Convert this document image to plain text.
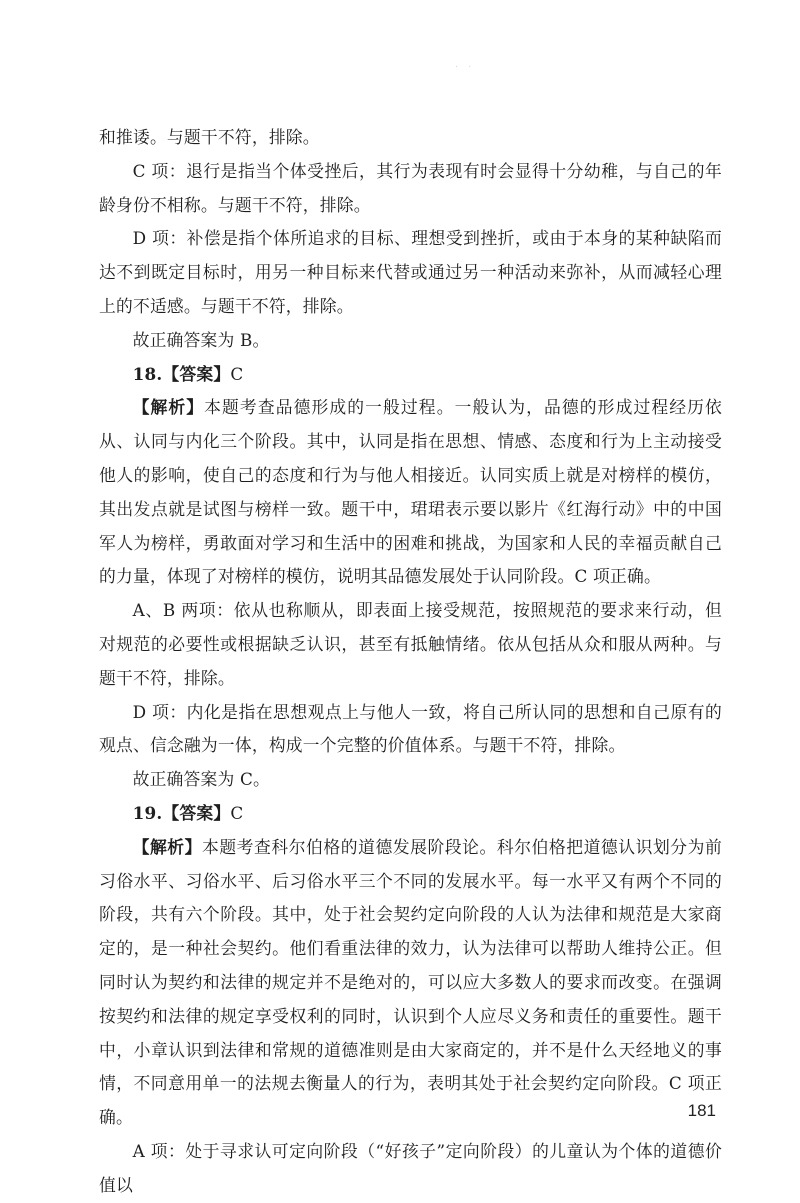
·　·

和推诿。与题干不符，排除。

C 项：退行是指当个体受挫后，其行为表现有时会显得十分幼稚，与自己的年龄身份不相称。与题干不符，排除。

D 项：补偿是指个体所追求的目标、理想受到挫折，或由于本身的某种缺陷而达不到既定目标时，用另一种目标来代替或通过另一种活动来弥补，从而减轻心理上的不适感。与题干不符，排除。

故正确答案为 B。

18.【答案】C

【解析】本题考查品德形成的一般过程。一般认为，品德的形成过程经历依从、认同与内化三个阶段。其中，认同是指在思想、情感、态度和行为上主动接受他人的影响，使自己的态度和行为与他人相接近。认同实质上就是对榜样的模仿，其出发点就是试图与榜样一致。题干中，珺珺表示要以影片《红海行动》中的中国军人为榜样，勇敢面对学习和生活中的困难和挑战，为国家和人民的幸福贡献自己的力量，体现了对榜样的模仿，说明其品德发展处于认同阶段。C 项正确。

A、B 两项：依从也称顺从，即表面上接受规范，按照规范的要求来行动，但对规范的必要性或根据缺乏认识，甚至有抵触情绪。依从包括从众和服从两种。与题干不符，排除。

D 项：内化是指在思想观点上与他人一致，将自己所认同的思想和自己原有的观点、信念融为一体，构成一个完整的价值体系。与题干不符，排除。

故正确答案为 C。

19.【答案】C

【解析】本题考查科尔伯格的道德发展阶段论。科尔伯格把道德认识划分为前习俗水平、习俗水平、后习俗水平三个不同的发展水平。每一水平又有两个不同的阶段，共有六个阶段。其中，处于社会契约定向阶段的人认为法律和规范是大家商定的，是一种社会契约。他们看重法律的效力，认为法律可以帮助人维持公正。但同时认为契约和法律的规定并不是绝对的，可以应大多数人的要求而改变。在强调按契约和法律的规定享受权利的同时，认识到个人应尽义务和责任的重要性。题干中，小章认识到法律和常规的道德准则是由大家商定的，并不是什么天经地义的事情，不同意用单一的法规去衡量人的行为，表明其处于社会契约定向阶段。C 项正确。

A 项：处于寻求认可定向阶段（“好孩子”定向阶段）的儿童认为个体的道德价值以

181
